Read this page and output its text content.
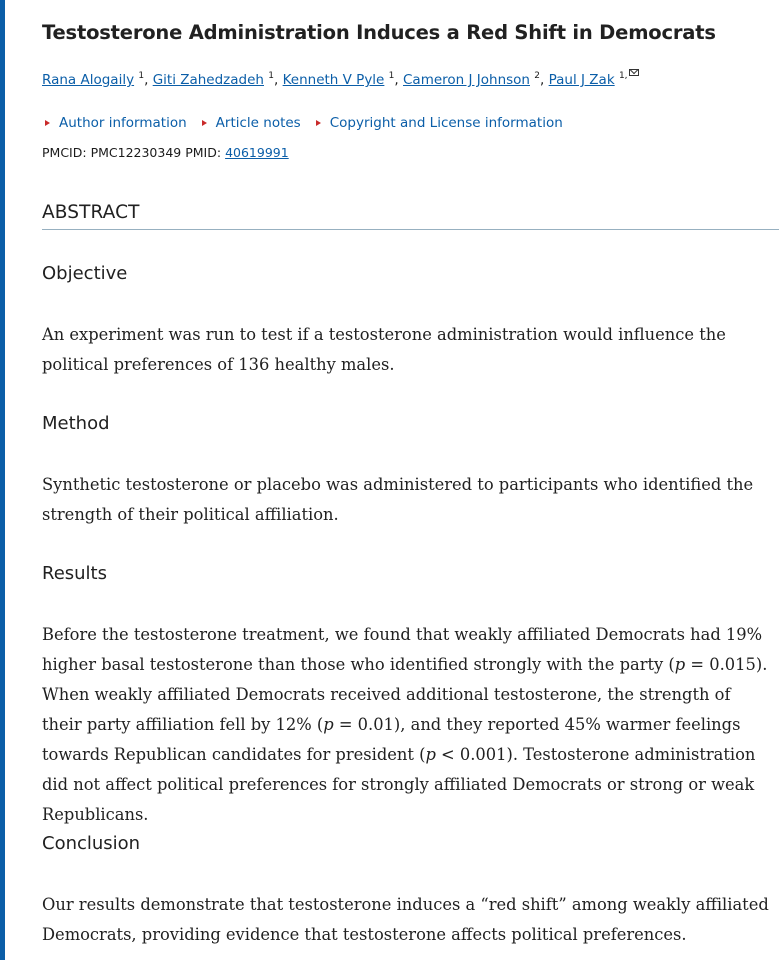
Testosterone Administration Induces a Red Shift in Democrats
Rana Alogaily $^1$, Giti Zahedzadeh $^1$, Kenneth V Pyle $^1$, Cameron J Johnson $^2$, Paul J Zak $^{1,}$
Author information Article notes Copyright and License information
PMCID: PMC12230349 PMID: 40619991
ABSTRACT
Objective

An experiment was run to test if a testosterone administration would influence the political preferences of 136 healthy males.

Method

Synthetic testosterone or placebo was administered to participants who identified the strength of their political affiliation.

Results

Before the testosterone treatment, we found that weakly affiliated Democrats had 19% higher basal testosterone than those who identified strongly with the party (p = 0.015). When weakly affiliated Democrats received additional testosterone, the strength of their party affiliation fell by 12% (p = 0.01), and they reported 45% warmer feelings towards Republican candidates for president (p < 0.001). Testosterone administration did not affect political preferences for strongly affiliated Democrats or strong or weak Republicans.

Conclusion

Our results demonstrate that testosterone induces a “red shift” among weakly affiliated Democrats, providing evidence that testosterone affects political preferences.
